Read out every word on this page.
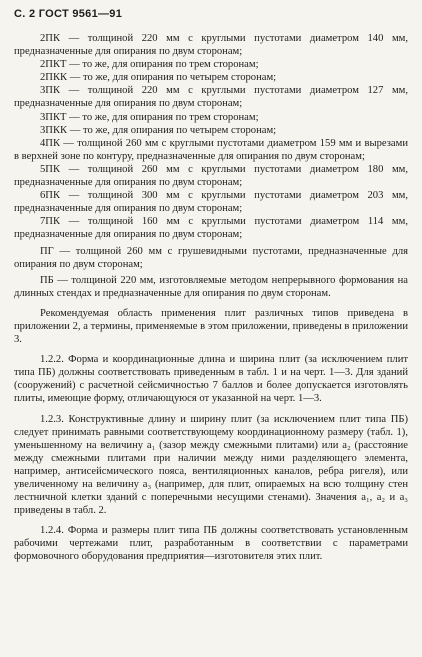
С. 2 ГОСТ 9561—91

2ПК — толщиной 220 мм с круглыми пустотами диаметром 140 мм, предназначенные для опирания по двум сторонам;

2ПКТ — то же, для опирания по трем сторонам;

2ПКК — то же, для опирания по четырем сторонам;

3ПК — толщиной 220 мм с круглыми пустотами диаметром 127 мм, предназначенные для опирания по двум сторонам;

3ПКТ — то же, для опирания по трем сторонам;

3ПКК — то же, для опирания по четырем сторонам;

4ПК — толщиной 260 мм с круглыми пустотами диаметром 159 мм и вырезами в верхней зоне по контуру, предназначенные для опирания по двум сторонам;

5ПК — толщиной 260 мм с круглыми пустотами диаметром 180 мм, предназначенные для опирания по двум сторонам;

6ПК — толщиной 300 мм с круглыми пустотами диаметром 203 мм, предназначенные для опирания по двум сторонам;

7ПК — толщиной 160 мм с круглыми пустотами диаметром 114 мм, предназначенные для опирания по двум сторонам;

ПГ — толщиной 260 мм с грушевидными пустотами, предназначенные для опирания по двум сторонам;

ПБ — толщиной 220 мм, изготовляемые методом непрерывного формования на длинных стендах и предназначенные для опирания по двум сторонам.

Рекомендуемая область применения плит различных типов приведена в приложении 2, а термины, применяемые в этом приложении, приведены в приложении 3.

1.2.2. Форма и координационные длина и ширина плит (за исключением плит типа ПБ) должны соответствовать приведенным в табл. 1 и на черт. 1—3. Для зданий (сооружений) с расчетной сейсмичностью 7 баллов и более допускается изготовлять плиты, имеющие форму, отличающуюся от указанной на черт. 1—3.

1.2.3. Конструктивные длину и ширину плит (за исключением плит типа ПБ) следует принимать равными соответствующему координационному размеру (табл. 1), уменьшенному на величину a₁ (зазор между смежными плитами) или a₂ (расстояние между смежными плитами при наличии между ними разделяющего элемента, например, антисейсмического пояса, вентиляционных каналов, ребра ригеля), или увеличенному на величину a₃ (например, для плит, опираемых на всю толщину стен лестничной клетки зданий с поперечными несущими стенами). Значения a₁, a₂ и a₃ приведены в табл. 2.

1.2.4. Форма и размеры плит типа ПБ должны соответствовать установленным рабочими чертежами плит, разработанным в соответствии с параметрами формовочного оборудования предприятия—изготовителя этих плит.
